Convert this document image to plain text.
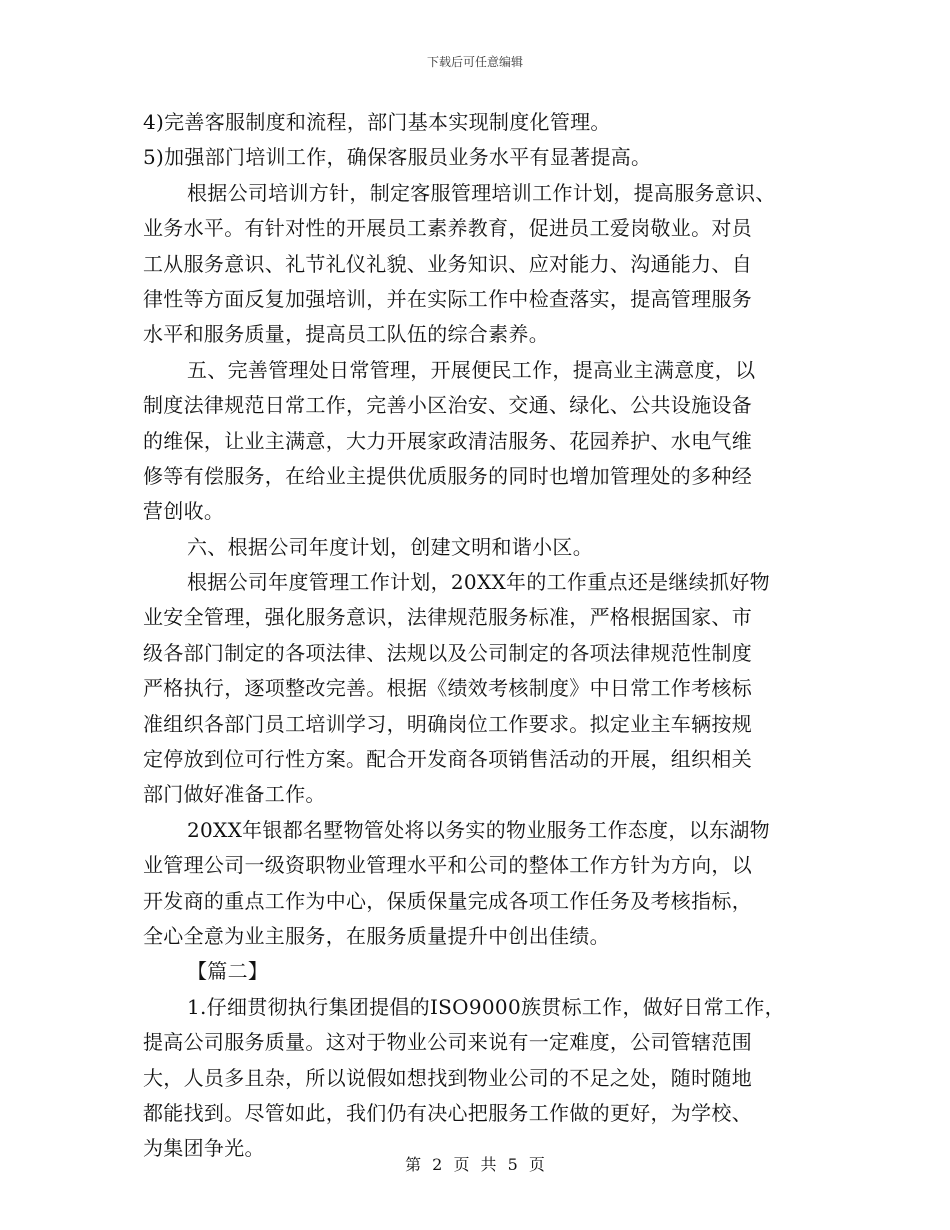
下载后可任意编辑
4)完善客服制度和流程，部门基本实现制度化管理。
5)加强部门培训工作，确保客服员业务水平有显著提高。
根据公司培训方针，制定客服管理培训工作计划，提高服务意识、
业务水平。有针对性的开展员工素养教育，促进员工爱岗敬业。对员
工从服务意识、礼节礼仪礼貌、业务知识、应对能力、沟通能力、自
律性等方面反复加强培训，并在实际工作中检查落实，提高管理服务
水平和服务质量，提高员工队伍的综合素养。
五、完善管理处日常管理，开展便民工作，提高业主满意度，以
制度法律规范日常工作，完善小区治安、交通、绿化、公共设施设备
的维保，让业主满意，大力开展家政清洁服务、花园养护、水电气维
修等有偿服务，在给业主提供优质服务的同时也增加管理处的多种经
营创收。
六、根据公司年度计划，创建文明和谐小区。
根据公司年度管理工作计划，20XX年的工作重点还是继续抓好物
业安全管理，强化服务意识，法律规范服务标准，严格根据国家、市
级各部门制定的各项法律、法规以及公司制定的各项法律规范性制度
严格执行，逐项整改完善。根据《绩效考核制度》中日常工作考核标
准组织各部门员工培训学习，明确岗位工作要求。拟定业主车辆按规
定停放到位可行性方案。配合开发商各项销售活动的开展，组织相关
部门做好准备工作。
20XX年银都名墅物管处将以务实的物业服务工作态度，以东湖物
业管理公司一级资职物业管理水平和公司的整体工作方针为方向，以
开发商的重点工作为中心，保质保量完成各项工作任务及考核指标，
全心全意为业主服务，在服务质量提升中创出佳绩。
【篇二】
1.仔细贯彻执行集团提倡的ISO9000族贯标工作，做好日常工作，
提高公司服务质量。这对于物业公司来说有一定难度，公司管辖范围
大，人员多且杂，所以说假如想找到物业公司的不足之处，随时随地
都能找到。尽管如此，我们仍有决心把服务工作做的更好，为学校、
为集团争光。
第 2 页 共 5 页
